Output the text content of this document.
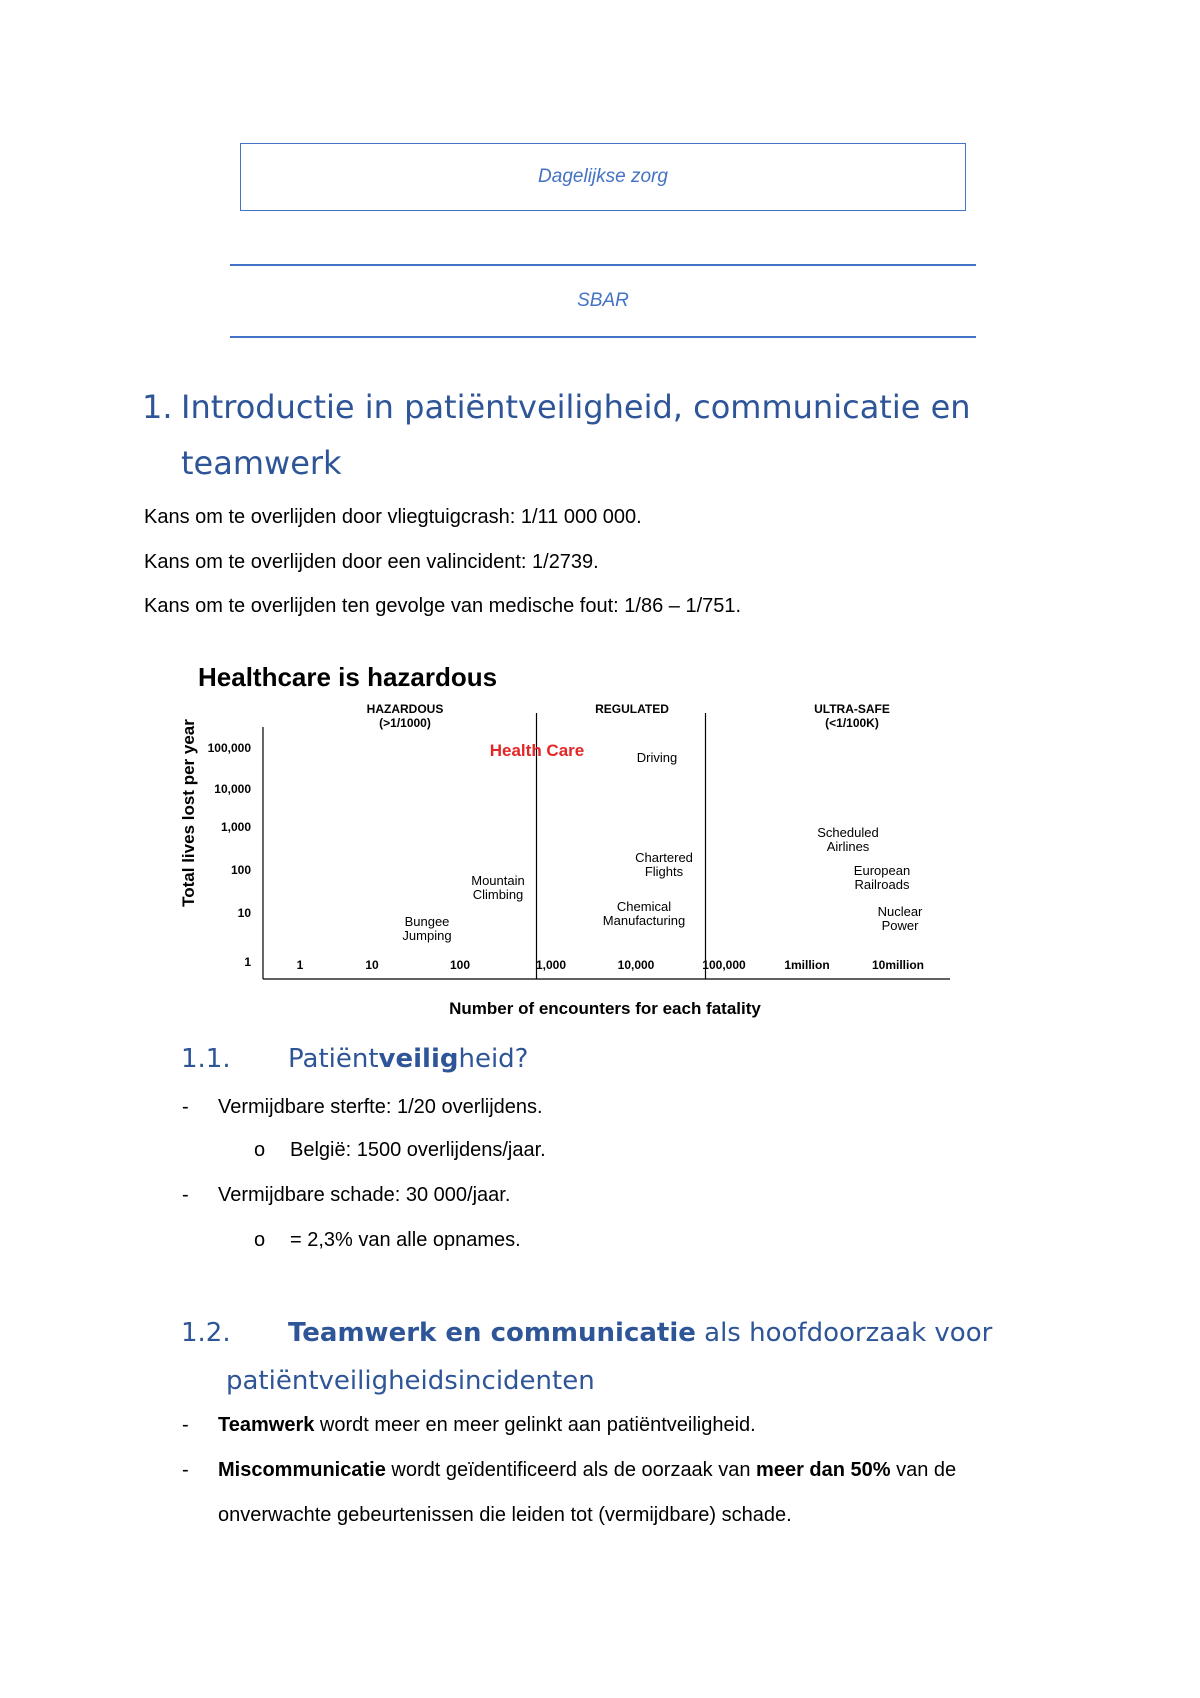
Dagelijkse zorg
SBAR
1. Introductie in patiëntveiligheid, communicatie en
teamwerk
Kans om te overlijden door vliegtuigcrash: 1/11 000 000.
Kans om te overlijden door een valincident: 1/2739.
Kans om te overlijden ten gevolge van medische fout: 1/86 – 1/751.
Healthcare is hazardous
Total lives lost per year
Number of encounters for each fatality
HAZARDOUS
(>1/1000)
REGULATED	ULTRA-SAFE
(<1/100K)
100,000
10,000
1,000
100
10
1	1	10	100	1,000	10,000	100,000	1million	10million
Health Care	Driving
Scheduled Airlines
European Railroads
Chartered Flights
Mountain Climbing
Chemical Manufacturing
Nuclear Power
Bungee Jumping
1.1. Patiëntveiligheid?
- Vermijdbare sterfte: 1/20 overlijdens.
o België: 1500 overlijdens/jaar.
- Vermijdbare schade: 30 000/jaar.
o = 2,3% van alle opnames.
1.2. Teamwerk en communicatie als hoofdoorzaak voor
patiëntveiligheidsincidenten
- Teamwerk wordt meer en meer gelinkt aan patiëntveiligheid.
- Miscommunicatie wordt geïdentificeerd als de oorzaak van meer dan 50% van de
onverwachte gebeurtenissen die leiden tot (vermijdbare) schade.
